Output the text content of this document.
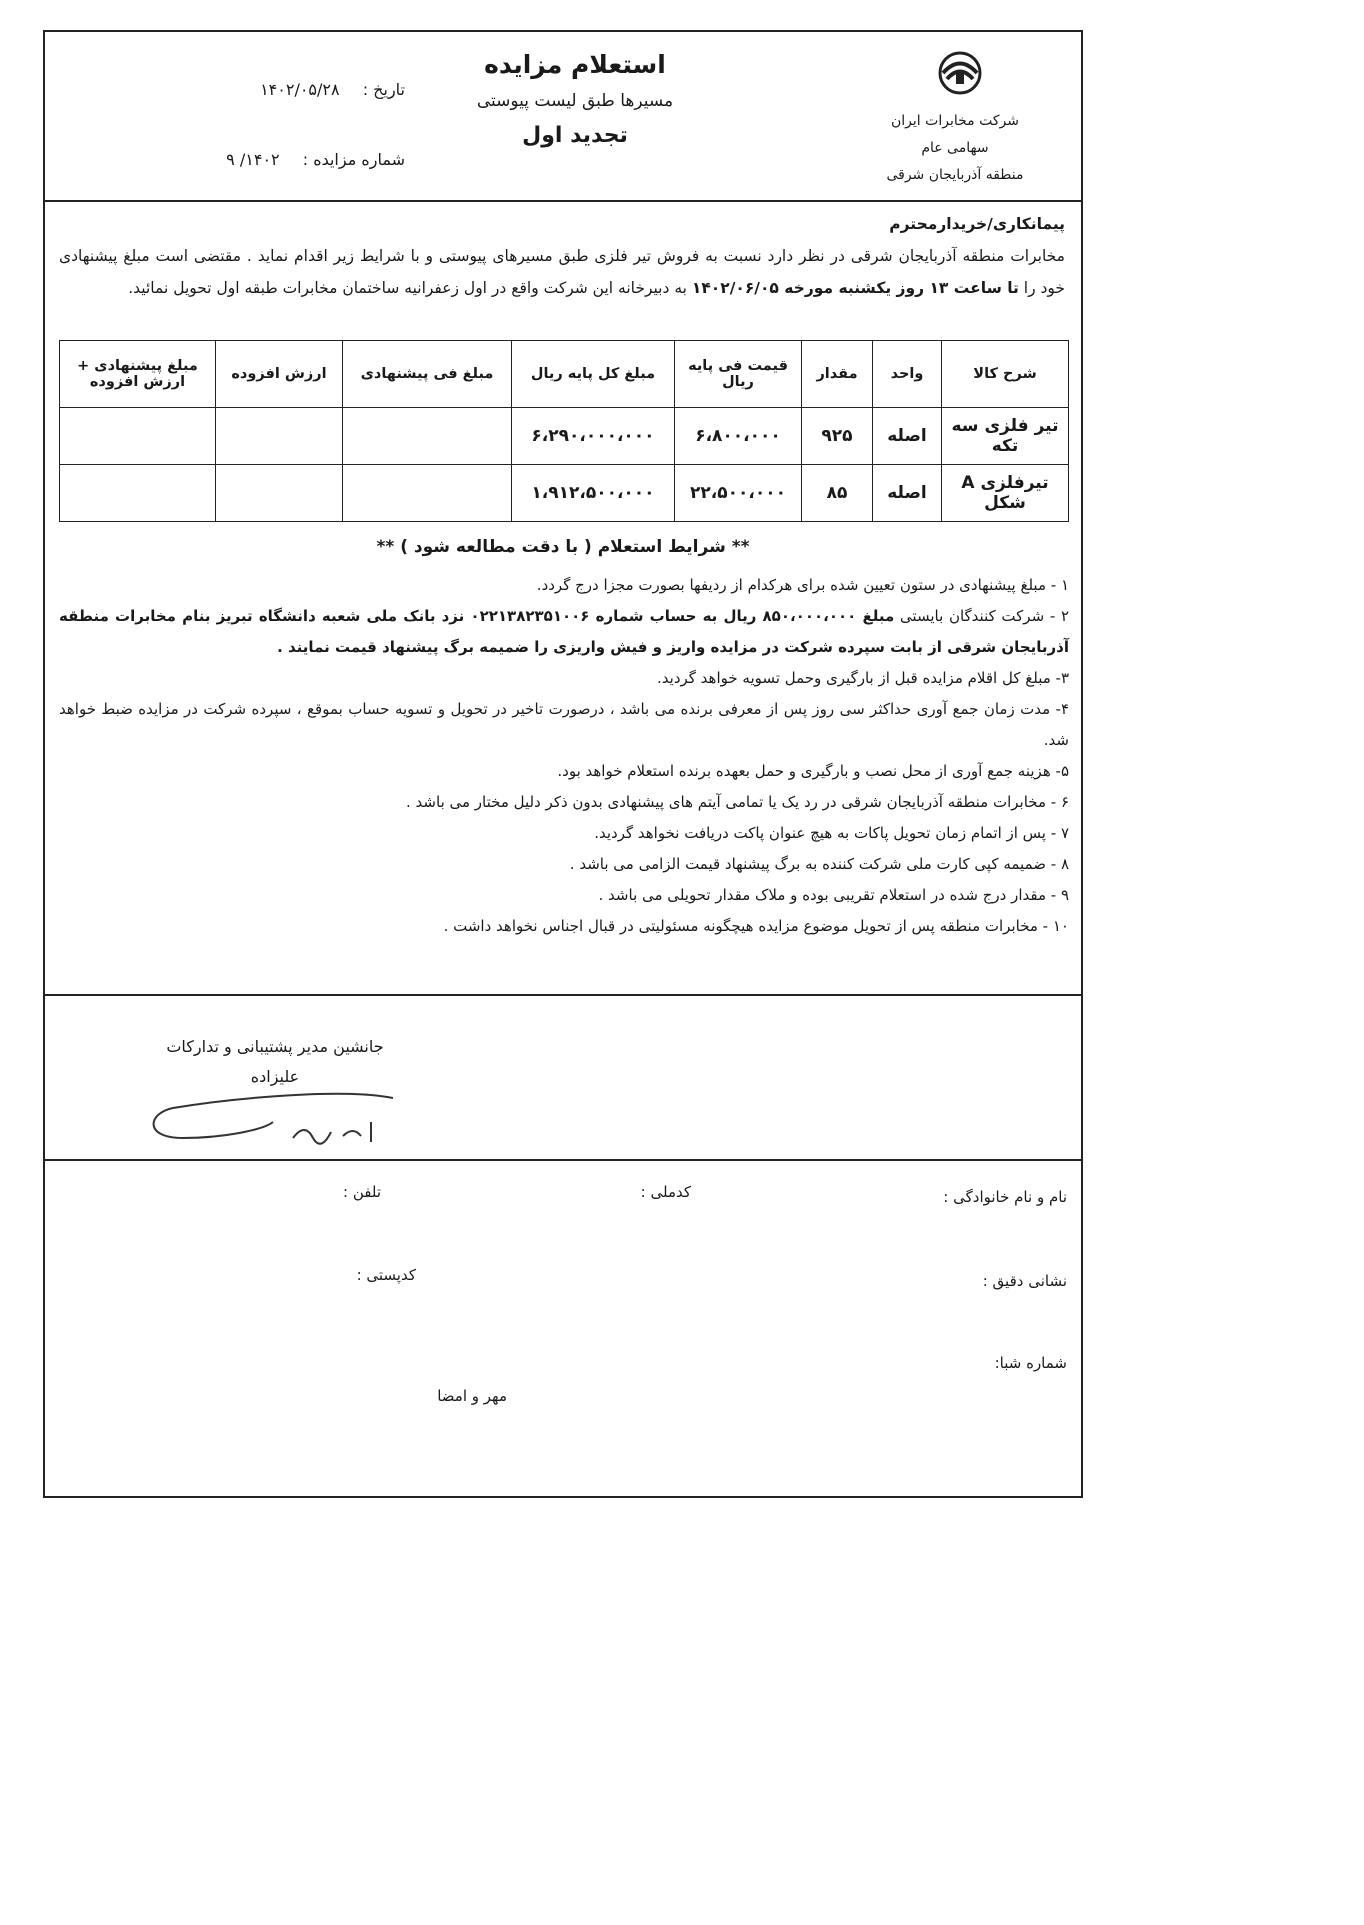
شرکت مخابرات ایران
سهامی عام
منطقه آذربایجان شرقی
استعلام مزایده
مسیرها طبق لیست پیوستی
تجدید اول
تاریخ : ۱۴۰۲/۰۵/۲۸
شماره مزایده : ۱۴۰۲/ ۹
پیمانکاری/خریدارمحترم
مخابرات منطقه آذربایجان شرقی در نظر دارد نسبت به فروش تیر فلزی طبق مسیرهای پیوستی و با شرایط زیر اقدام نماید . مقتضی است مبلغ پیشنهادی خود را تا ساعت ۱۳ روز یکشنبه مورخه ۱۴۰۲/۰۶/۰۵ به دبیرخانه این شرکت واقع در اول زعفرانیه ساختمان مخابرات طبقه اول تحویل نمائید.
شرح کالا	واحد	مقدار	قیمت فی پایه ریال	مبلغ کل پایه ریال	مبلغ فی پیشنهادی	ارزش افزوده	مبلغ پیشنهادی + ارزش افزوده
تیر فلزی سه تکه	اصله	۹۲۵	۶،۸۰۰،۰۰۰	۶،۲۹۰،۰۰۰،۰۰۰			
تیرفلزی A شکل	اصله	۸۵	۲۲،۵۰۰،۰۰۰	۱،۹۱۲،۵۰۰،۰۰۰			
** شرایط استعلام ( با دقت مطالعه شود ) **
۱ - مبلغ پیشنهادی در ستون تعیین شده برای هرکدام از ردیفها بصورت مجزا درج گردد.
۲ - شرکت کنندگان بایستی مبلغ ۸۵۰،۰۰۰،۰۰۰ ریال به حساب شماره ۰۲۲۱۳۸۲۳۵۱۰۰۶ نزد بانک ملی شعبه دانشگاه تبریز بنام مخابرات منطقه آذربایجان شرقی از بابت سپرده شرکت در مزایده واریز و فیش واریزی را ضمیمه برگ پیشنهاد قیمت نمایند .
۳- مبلغ کل اقلام مزایده قبل از بارگیری وحمل تسویه خواهد گردید.
۴- مدت زمان جمع آوری حداکثر سی روز پس از معرفی برنده می باشد ، درصورت تاخیر در تحویل و تسویه حساب بموقع ، سپرده شرکت در مزایده ضبط خواهد شد.
۵- هزینه جمع آوری از محل نصب و بارگیری و حمل بعهده برنده استعلام خواهد بود.
۶ - مخابرات منطقه آذربایجان شرقی در رد یک یا تمامی آیتم های پیشنهادی بدون ذکر دلیل مختار می باشد .
۷ - پس از اتمام زمان تحویل پاکات به هیچ عنوان پاکت دریافت نخواهد گردید.
۸ - ضمیمه کپی کارت ملی شرکت کننده به برگ پیشنهاد قیمت الزامی می باشد .
۹ - مقدار درج شده در استعلام تقریبی بوده و ملاک مقدار تحویلی می باشد .
۱۰ - مخابرات منطقه پس از تحویل موضوع مزایده هیچگونه مسئولیتی در قبال اجناس نخواهد داشت .
جانشین مدیر پشتیبانی و تدارکات
علیزاده
نام و نام خانوادگی :
کدملی :
تلفن :
نشانی دقیق :
کدپستی :
شماره شبا:
مهر و امضا
